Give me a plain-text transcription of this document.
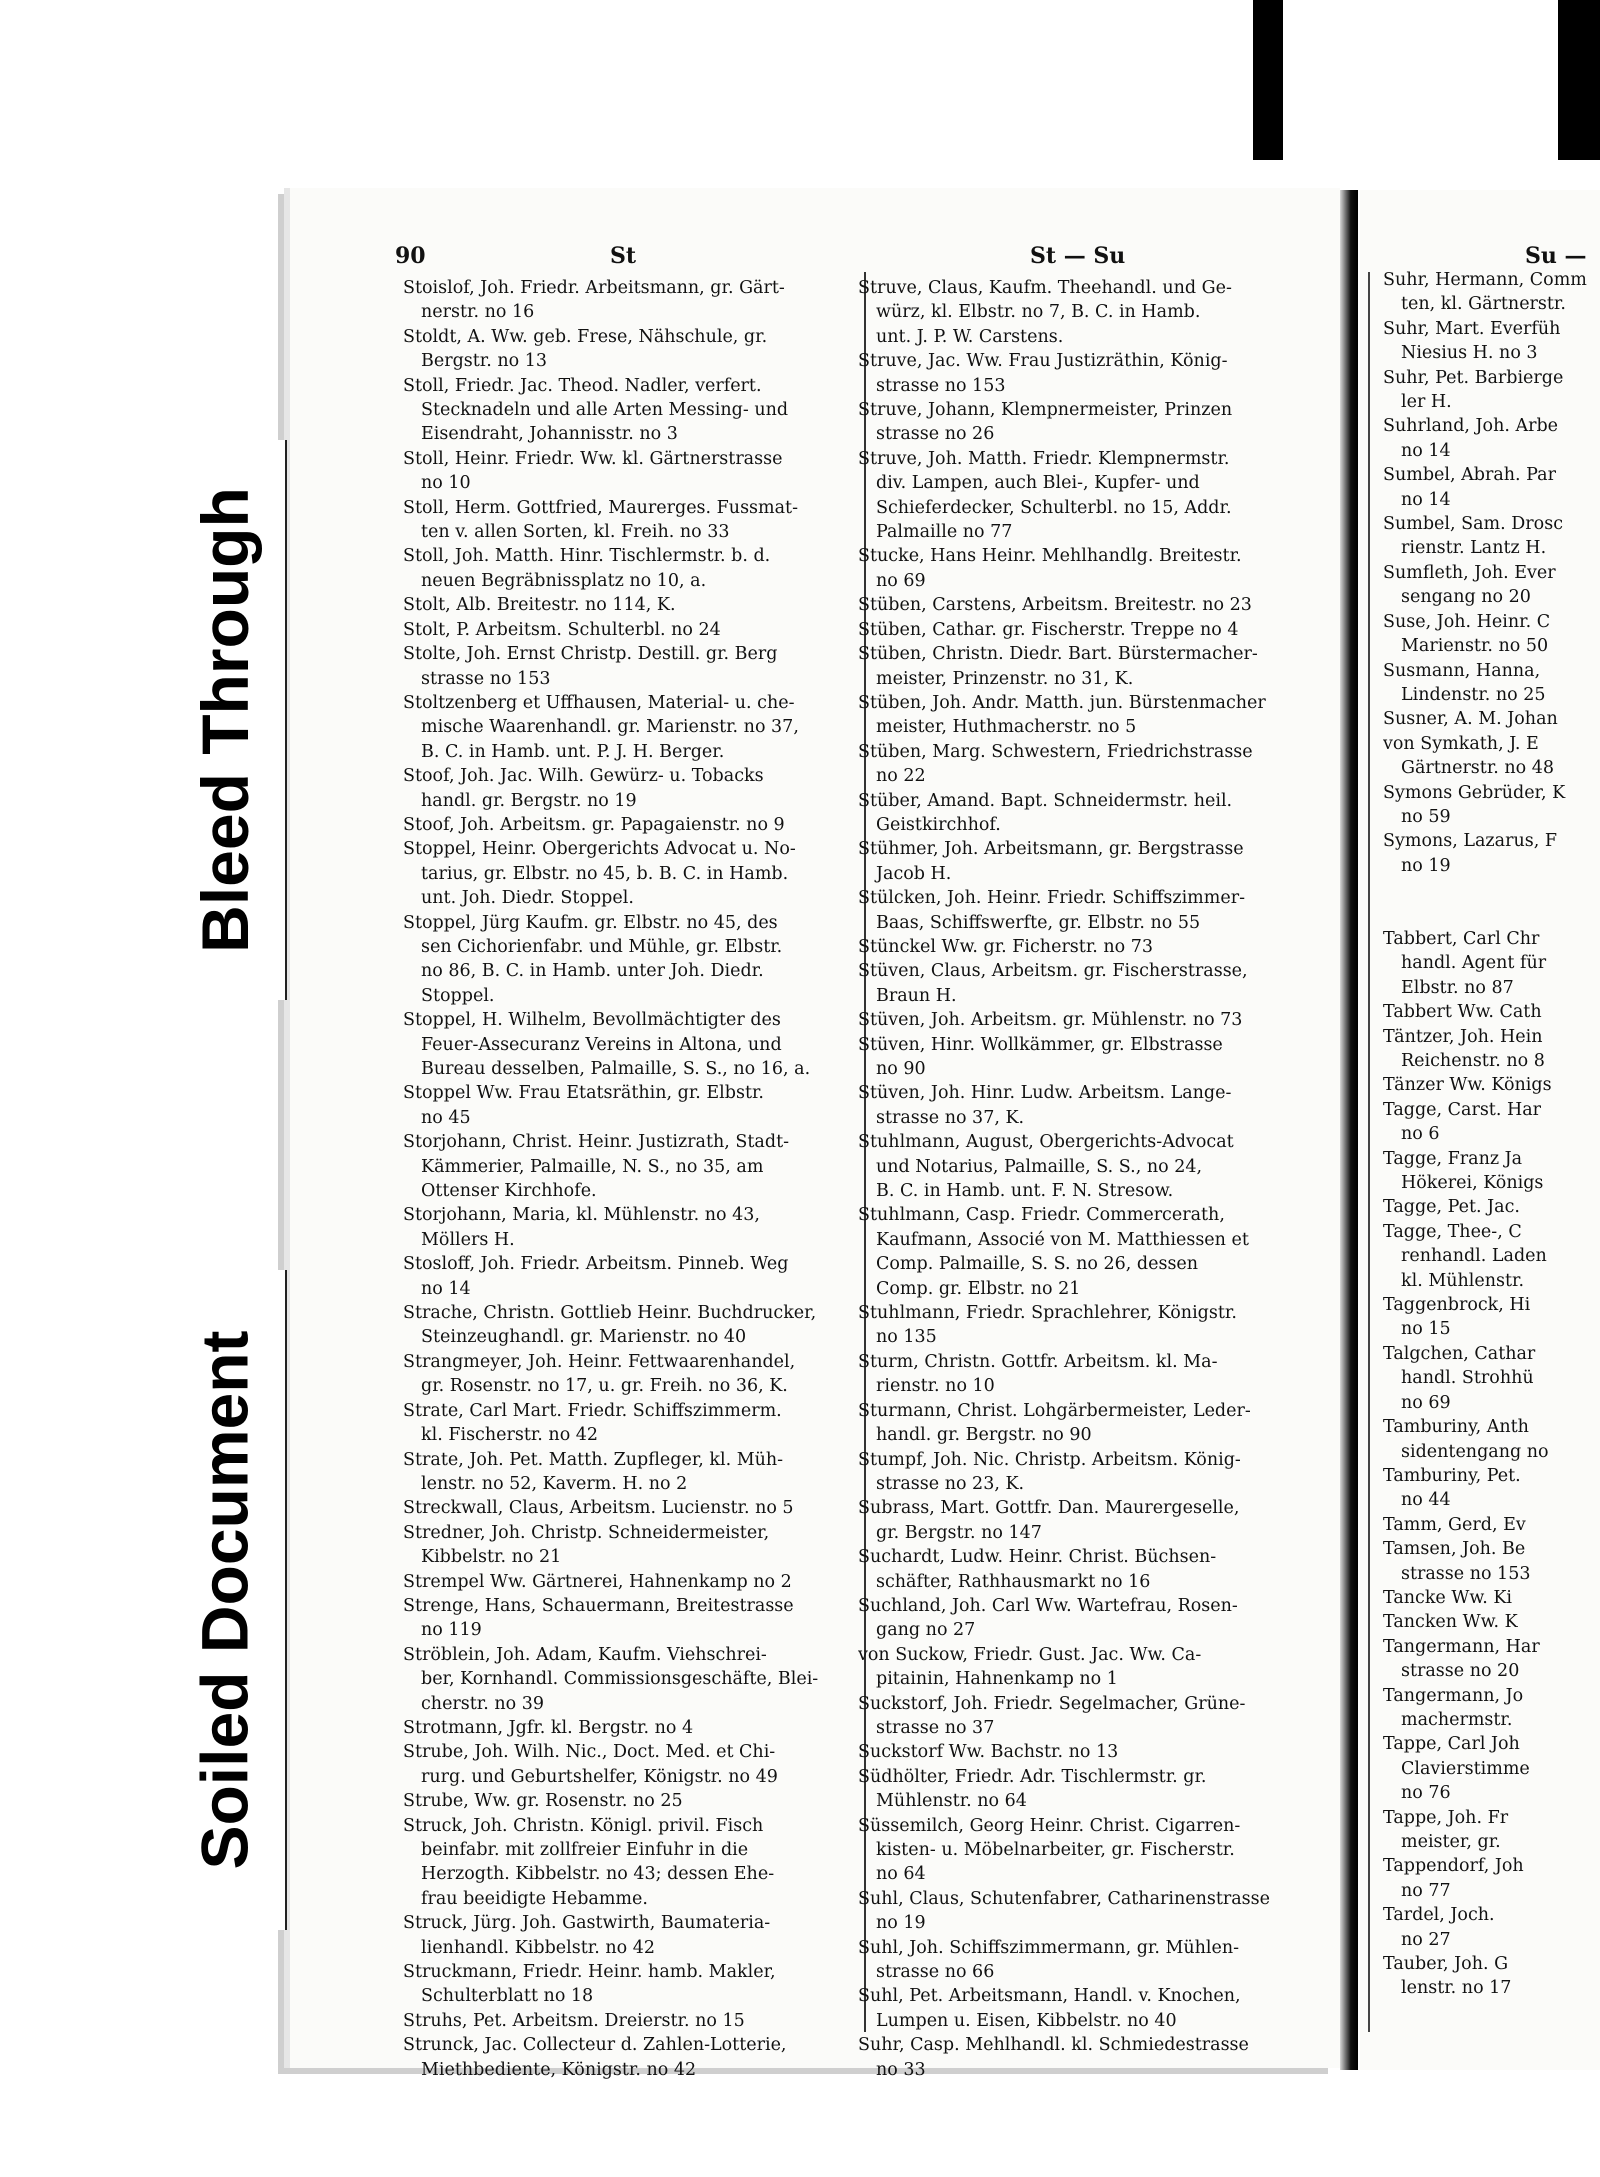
Bleed Through
Soiled Document
90	St	St — Su	Su —
Stoislof, Joh. Friedr. Arbeitsmann, gr. Gärt-
nerstr. no 16
Stoldt, A. Ww. geb. Frese, Nähschule, gr.
Bergstr. no 13
Stoll, Friedr. Jac. Theod. Nadler, verfert.
Stecknadeln und alle Arten Messing- und
Eisendraht, Johannisstr. no 3
Stoll, Heinr. Friedr. Ww. kl. Gärtnerstrasse
no 10
Stoll, Herm. Gottfried, Maurerges. Fussmat-
ten v. allen Sorten, kl. Freih. no 33
Stoll, Joh. Matth. Hinr. Tischlermstr. b. d.
neuen Begräbnissplatz no 10, a.
Stolt, Alb. Breitestr. no 114, K.
Stolt, P. Arbeitsm. Schulterbl. no 24
Stolte, Joh. Ernst Christp. Destill. gr. Berg
strasse no 153
Stoltzenberg et Uffhausen, Material- u. che-
mische Waarenhandl. gr. Marienstr. no 37,
B. C. in Hamb. unt. P. J. H. Berger.
Stoof, Joh. Jac. Wilh. Gewürz- u. Tobacks
handl. gr. Bergstr. no 19
Stoof, Joh. Arbeitsm. gr. Papagaienstr. no 9
Stoppel, Heinr. Obergerichts Advocat u. No-
tarius, gr. Elbstr. no 45, b. B. C. in Hamb.
unt. Joh. Diedr. Stoppel.
Stoppel, Jürg Kaufm. gr. Elbstr. no 45, des
sen Cichorienfabr. und Mühle, gr. Elbstr.
no 86, B. C. in Hamb. unter Joh. Diedr.
Stoppel.
Stoppel, H. Wilhelm, Bevollmächtigter des
Feuer-Assecuranz Vereins in Altona, und
Bureau desselben, Palmaille, S. S., no 16, a.
Stoppel Ww. Frau Etatsräthin, gr. Elbstr.
no 45
Storjohann, Christ. Heinr. Justizrath, Stadt-
Kämmerier, Palmaille, N. S., no 35, am
Ottenser Kirchhofe.
Storjohann, Maria, kl. Mühlenstr. no 43,
Möllers H.
Stosloff, Joh. Friedr. Arbeitsm. Pinneb. Weg
no 14
Strache, Christn. Gottlieb Heinr. Buchdrucker,
Steinzeughandl. gr. Marienstr. no 40
Strangmeyer, Joh. Heinr. Fettwaarenhandel,
gr. Rosenstr. no 17, u. gr. Freih. no 36, K.
Strate, Carl Mart. Friedr. Schiffszimmerm.
kl. Fischerstr. no 42
Strate, Joh. Pet. Matth. Zupfleger, kl. Müh-
lenstr. no 52, Kaverm. H. no 2
Streckwall, Claus, Arbeitsm. Lucienstr. no 5
Stredner, Joh. Christp. Schneidermeister,
Kibbelstr. no 21
Strempel Ww. Gärtnerei, Hahnenkamp no 2
Strenge, Hans, Schauermann, Breitestrasse
no 119
Ströblein, Joh. Adam, Kaufm. Viehschrei-
ber, Kornhandl. Commissionsgeschäfte, Blei-
cherstr. no 39
Strotmann, Jgfr. kl. Bergstr. no 4
Strube, Joh. Wilh. Nic., Doct. Med. et Chi-
rurg. und Geburtshelfer, Königstr. no 49
Strube, Ww. gr. Rosenstr. no 25
Struck, Joh. Christn. Königl. privil. Fisch
beinfabr. mit zollfreier Einfuhr in die
Herzogth. Kibbelstr. no 43; dessen Ehe-
frau beeidigte Hebamme.
Struck, Jürg. Joh. Gastwirth, Baumateria-
lienhandl. Kibbelstr. no 42
Struckmann, Friedr. Heinr. hamb. Makler,
Schulterblatt no 18
Struhs, Pet. Arbeitsm. Dreierstr. no 15
Strunck, Jac. Collecteur d. Zahlen-Lotterie,
Miethbediente, Königstr. no 42
Struve, Claus, Kaufm. Theehandl. und Ge-
würz, kl. Elbstr. no 7, B. C. in Hamb.
unt. J. P. W. Carstens.
Struve, Jac. Ww. Frau Justizräthin, König-
strasse no 153
Struve, Johann, Klempnermeister, Prinzen
strasse no 26
Struve, Joh. Matth. Friedr. Klempnermstr.
div. Lampen, auch Blei-, Kupfer- und
Schieferdecker, Schulterbl. no 15, Addr.
Palmaille no 77
Stucke, Hans Heinr. Mehlhandlg. Breitestr.
no 69
Stüben, Carstens, Arbeitsm. Breitestr. no 23
Stüben, Cathar. gr. Fischerstr. Treppe no 4
Stüben, Christn. Diedr. Bart. Bürstermacher-
meister, Prinzenstr. no 31, K.
Stüben, Joh. Andr. Matth. jun. Bürstenmacher
meister, Huthmacherstr. no 5
Stüben, Marg. Schwestern, Friedrichstrasse
no 22
Stüber, Amand. Bapt. Schneidermstr. heil.
Geistkirchhof.
Stühmer, Joh. Arbeitsmann, gr. Bergstrasse
Jacob H.
Stülcken, Joh. Heinr. Friedr. Schiffszimmer-
Baas, Schiffswerfte, gr. Elbstr. no 55
Stünckel Ww. gr. Ficherstr. no 73
Stüven, Claus, Arbeitsm. gr. Fischerstrasse,
Braun H.
Stüven, Joh. Arbeitsm. gr. Mühlenstr. no 73
Stüven, Hinr. Wollkämmer, gr. Elbstrasse
no 90
Stüven, Joh. Hinr. Ludw. Arbeitsm. Lange-
strasse no 37, K.
Stuhlmann, August, Obergerichts-Advocat
und Notarius, Palmaille, S. S., no 24,
B. C. in Hamb. unt. F. N. Stresow.
Stuhlmann, Casp. Friedr. Commercerath,
Kaufmann, Associé von M. Matthiessen et
Comp. Palmaille, S. S. no 26, dessen
Comp. gr. Elbstr. no 21
Stuhlmann, Friedr. Sprachlehrer, Königstr.
no 135
Sturm, Christn. Gottfr. Arbeitsm. kl. Ma-
rienstr. no 10
Sturmann, Christ. Lohgärbermeister, Leder-
handl. gr. Bergstr. no 90
Stumpf, Joh. Nic. Christp. Arbeitsm. König-
strasse no 23, K.
Subrass, Mart. Gottfr. Dan. Maurergeselle,
gr. Bergstr. no 147
Suchardt, Ludw. Heinr. Christ. Büchsen-
schäfter, Rathhausmarkt no 16
Suchland, Joh. Carl Ww. Wartefrau, Rosen-
gang no 27
von Suckow, Friedr. Gust. Jac. Ww. Ca-
pitainin, Hahnenkamp no 1
Suckstorf, Joh. Friedr. Segelmacher, Grüne-
strasse no 37
Suckstorf Ww. Bachstr. no 13
Südhölter, Friedr. Adr. Tischlermstr. gr.
Mühlenstr. no 64
Süssemilch, Georg Heinr. Christ. Cigarren-
kisten- u. Möbelnarbeiter, gr. Fischerstr.
no 64
Suhl, Claus, Schutenfabrer, Catharinenstrasse
no 19
Suhl, Joh. Schiffszimmermann, gr. Mühlen-
strasse no 66
Suhl, Pet. Arbeitsmann, Handl. v. Knochen,
Lumpen u. Eisen, Kibbelstr. no 40
Suhr, Casp. Mehlhandl. kl. Schmiedestrasse
no 33
Suhr, Hermann, Comm
ten, kl. Gärtnerstr.
Suhr, Mart. Everfüh
Niesius H. no 3
Suhr, Pet. Barbierge
ler H.
Suhrland, Joh. Arbe
no 14
Sumbel, Abrah. Par
no 14
Sumbel, Sam. Drosc
rienstr. Lantz H.
Sumfleth, Joh. Ever
sengang no 20
Suse, Joh. Heinr. C
Marienstr. no 50
Susmann, Hanna,
Lindenstr. no 25
Susner, A. M. Johan
von Symkath, J. E
Gärtnerstr. no 48
Symons Gebrüder, K
no 59
Symons, Lazarus, F
no 19

Tabbert, Carl Chr
handl. Agent für
Elbstr. no 87
Tabbert Ww. Cath
Täntzer, Joh. Hein
Reichenstr. no 8
Tänzer Ww. Königs
Tagge, Carst. Har
no 6
Tagge, Franz Ja
Hökerei, Königs
Tagge, Pet. Jac.
Tagge, Thee-, C
renhandl. Laden
kl. Mühlenstr.
Taggenbrock, Hi
no 15
Talgchen, Cathar
handl. Strohhü
no 69
Tamburiny, Anth
sidentengang no
Tamburiny, Pet.
no 44
Tamm, Gerd, Ev
Tamsen, Joh. Be
strasse no 153
Tancke Ww. Ki
Tancken Ww. K
Tangermann, Har
strasse no 20
Tangermann, Jo
machermstr.
Tappe, Carl Joh
Clavierstimme
no 76
Tappe, Joh. Fr
meister, gr.
Tappendorf, Joh
no 77
Tardel, Joch.
no 27
Tauber, Joh. G
lenstr. no 17
